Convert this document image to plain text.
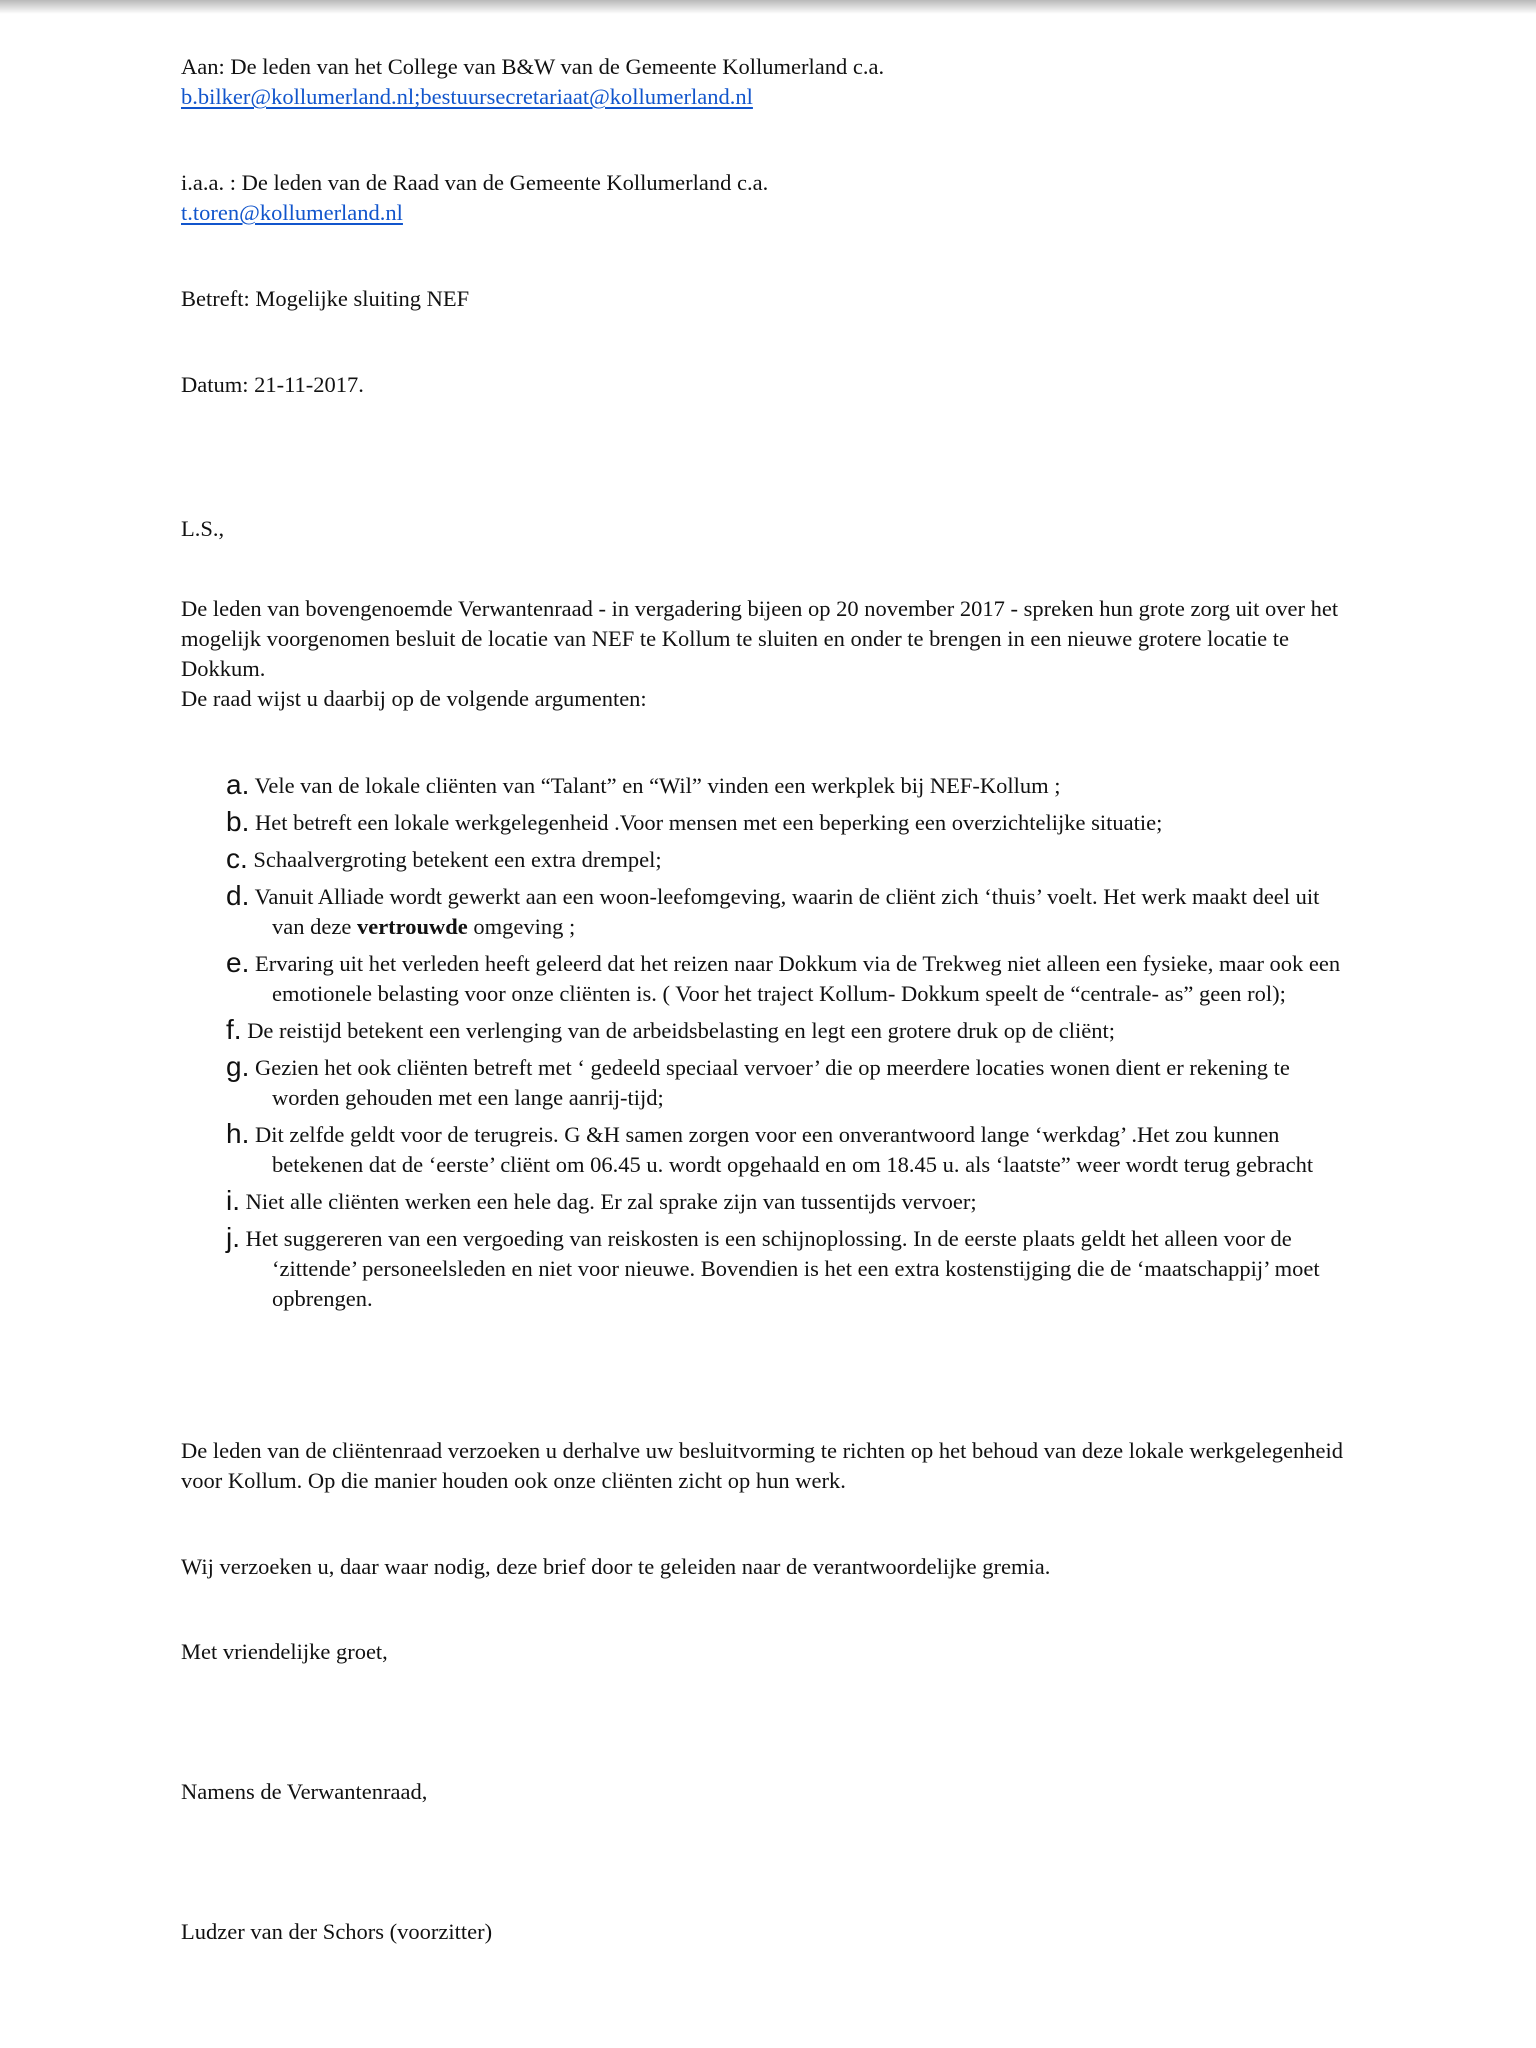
Aan: De leden van het College van B&W van de Gemeente Kollumerland c.a.
b.bilker@kollumerland.nl;bestuursecretariaat@kollumerland.nl
i.a.a. : De leden van de Raad van de Gemeente Kollumerland c.a.
t.toren@kollumerland.nl
Betreft: Mogelijke sluiting NEF
Datum: 21-11-2017.
L.S.,
De leden van bovengenoemde Verwantenraad - in vergadering bijeen op 20 november 2017 - spreken hun grote zorg uit over het mogelijk voorgenomen besluit de locatie van NEF te Kollum te sluiten en onder te brengen in een nieuwe grotere locatie te Dokkum.
De raad wijst u daarbij op de volgende argumenten:
a. Vele van de lokale cliënten van “Talant” en “Wil” vinden een werkplek bij NEF-Kollum ;
b. Het betreft een lokale werkgelegenheid .Voor mensen met een beperking een overzichtelijke situatie;
c. Schaalvergroting betekent een extra drempel;
d. Vanuit Alliade wordt gewerkt aan een woon-leefomgeving, waarin de cliënt zich ‘thuis’ voelt. Het werk maakt deel uit van deze vertrouwde omgeving ;
e. Ervaring uit het verleden heeft geleerd dat het reizen naar Dokkum via de Trekweg niet alleen een fysieke, maar ook een emotionele belasting voor onze cliënten is. ( Voor het traject Kollum- Dokkum speelt de “centrale- as” geen rol);
f. De reistijd betekent een verlenging van de arbeidsbelasting en legt een grotere druk op de cliënt;
g. Gezien het ook cliënten betreft met ‘ gedeeld speciaal vervoer’ die op meerdere locaties wonen dient er rekening te worden gehouden met een lange aanrij-tijd;
h. Dit zelfde geldt voor de terugreis. G &H samen zorgen voor een onverantwoord lange ‘werkdag’ .Het zou kunnen betekenen dat de ‘eerste’ cliënt om 06.45 u. wordt opgehaald en om 18.45 u. als ‘laatste” weer wordt terug gebracht
i. Niet alle cliënten werken een hele dag. Er zal sprake zijn van tussentijds vervoer;
j. Het suggereren van een vergoeding van reiskosten is een schijnoplossing. In de eerste plaats geldt het alleen voor de ‘zittende’ personeelsleden en niet voor nieuwe. Bovendien is het een extra kostenstijging die de ‘maatschappij’ moet opbrengen.
De leden van de cliëntenraad verzoeken u derhalve uw besluitvorming te richten op het behoud van deze lokale werkgelegenheid voor Kollum. Op die manier houden ook onze cliënten zicht op hun werk.
Wij verzoeken u, daar waar nodig, deze brief door te geleiden naar de verantwoordelijke gremia.
Met vriendelijke groet,
Namens de Verwantenraad,
Ludzer van der Schors (voorzitter)
